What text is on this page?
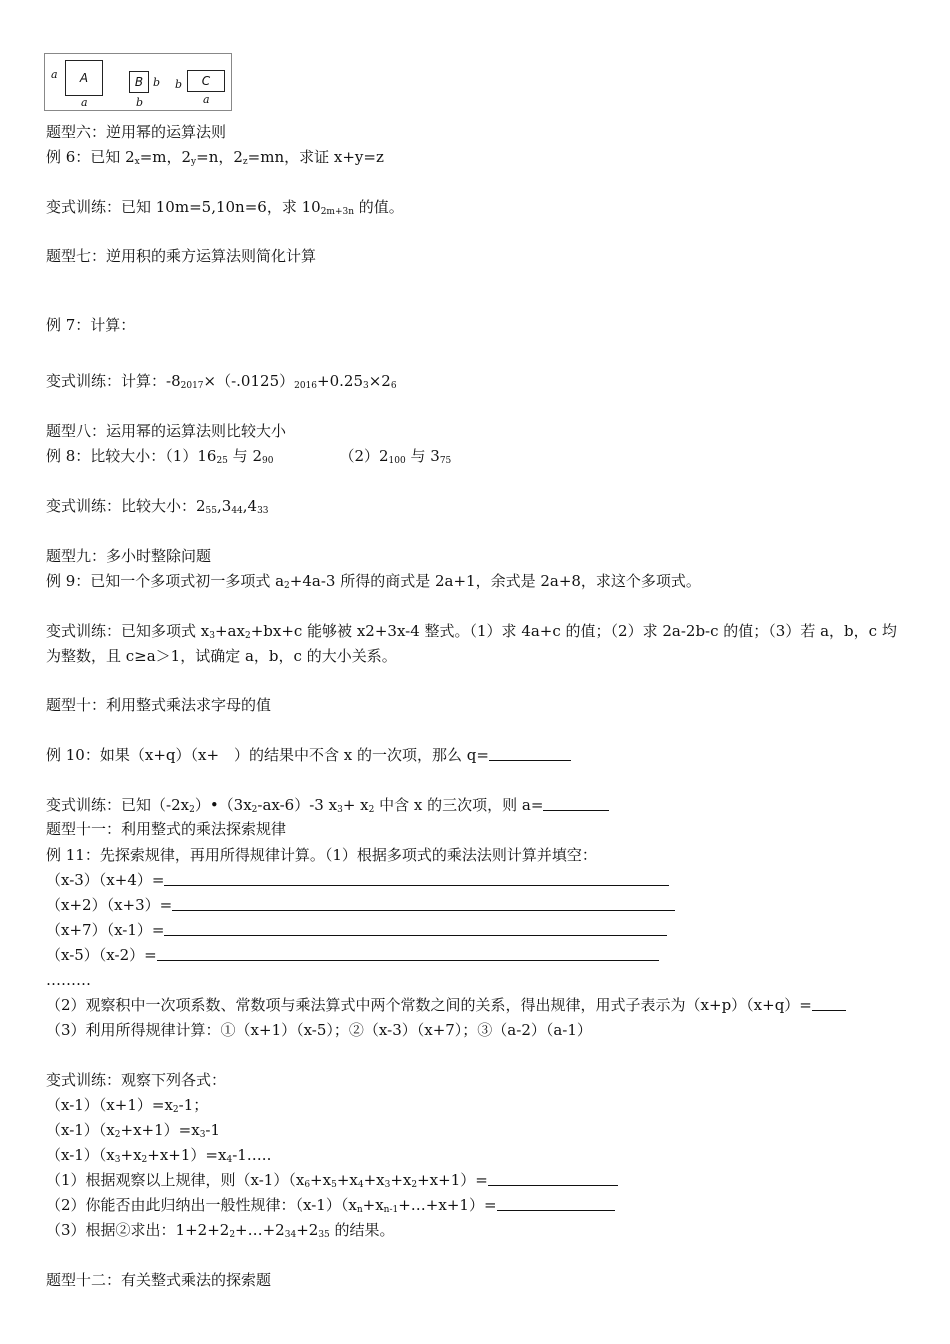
a	A
a
B b
b
b	C
a
题型六：逆用幂的运算法则
例 6：已知 $2_x=m$，$2_y=n$，$2_z=mn$，求证 x+y=z
变式训练：已知 10m=5,10n=6，求 $10_{2m+3n}$ 的值。
题型七：逆用积的乘方运算法则简化计算
例 7：计算：
变式训练：计算：$-8_{2017}\times(-.0125)_{2016}+0.25_3\times 2_6$
题型八：运用幂的运算法则比较大小
例 8：比较大小：$(1)16_{25}$ 与 $2_{90}$	$(2)2_{100}$ 与 $3_{75}$
变式训练：比较大小：$2_{55},3_{44},4_{33}$
题型九：多小时整除问题
例 9：已知一个多项式初一多项式 $a_2+4a-3$ 所得的商式是 2a+1，余式是 2a+8，求这个多项式。
变式训练：已知多项式 $x_3+ax_2+bx+c$ 能够被 x2+3x-4 整式。（1）求 4a+c 的值；（2）求 2a-2b-c 的值；（3）若 a，b，c 均
为整数，且 c≥a＞1，试确定 a，b，c 的大小关系。
题型十：利用整式乘法求字母的值
例 10：如果（x+q）（x+　）的结果中不含 x 的一次项，那么 q=
变式训练：已知$(-2x_2)•(3x_2-ax-6)-3$ $x_3+ x_2$ 中含 x 的三次项，则 a=
题型十一：利用整式的乘法探索规律
例 11：先探索规律，再用所得规律计算。（1）根据多项式的乘法法则计算并填空：
（x-3）（x+4）=
（x+2）（x+3）=
（x+7）（x-1）=
（x-5）（x-2）=
………
（2）观察积中一次项系数、常数项与乘法算式中两个常数之间的关系，得出规律，用式子表示为（x+p）（x+q）=
（3）利用所得规律计算：①（x+1）（x-5）；②（x-3）（x+7）；③（a-2）（a-1）
变式训练：观察下列各式：
$(x-1)(x+1)=x_2-1$；
$(x-1)(x_2+x+1)=x_3-1$
$(x-1)(x_3+x_2+x+1)=x_4-1\dots$..
（1）根据观察以上规律，则$(x-1)(x_6+x_5+x_4+x_3+x_2+x+1)=$
（2）你能否由此归纳出一般性规律：$(x-1)(x_n+x_{n-1}+\dots+x+1)=$
（3）根据②求出：$1+2+2_2+\dots+2_{34}+2_{35}$ 的结果。
题型十二：有关整式乘法的探索题
